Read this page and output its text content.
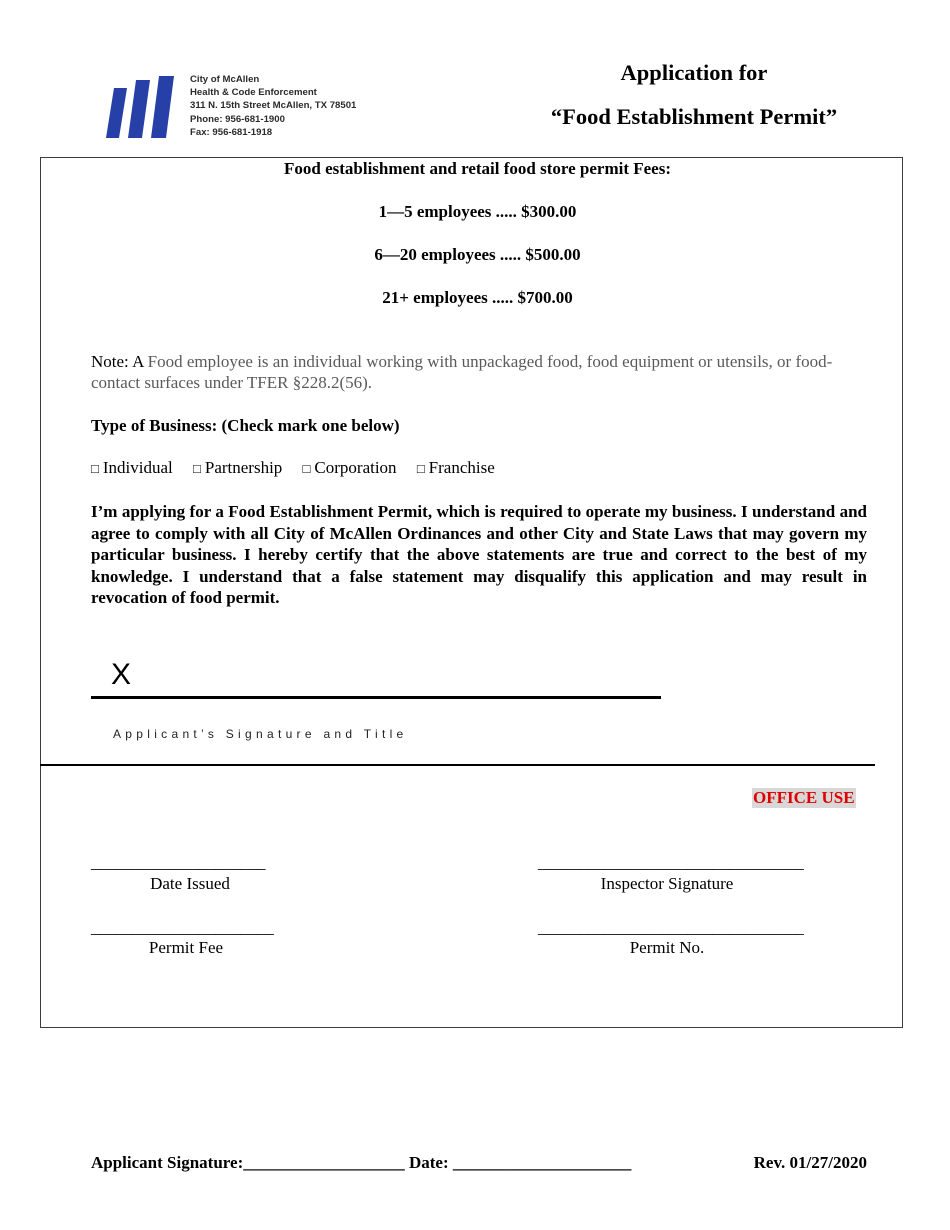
City of McAllen
Health & Code Enforcement
311 N. 15th Street McAllen, TX 78501
Phone: 956-681-1900
Fax: 956-681-1918
Application for
“Food Establishment Permit”
Food establishment and retail food store permit Fees:
1—5 employees ..... $300.00
6—20 employees ..... $500.00
21+ employees ..... $700.00
Note: A Food employee is an individual working with unpackaged food, food equipment or utensils, or food-contact surfaces under TFER §228.2(56).
Type of Business: (Check mark one below)
□ Individual □ Partnership □ Corporation □ Franchise
I’m applying for a Food Establishment Permit, which is required to operate my business. I understand and agree to comply with all City of McAllen Ordinances and other City and State Laws that may govern my particular business. I hereby certify that the above statements are true and correct to the best of my knowledge. I understand that a false statement may disqualify this application and may result in revocation of food permit.
X
Applicant’s Signature and Title
OFFICE USE
_____________________
Date Issued
________________________________
Inspector Signature
______________________
Permit Fee
________________________________
Permit No.
Applicant Signature:___________________ Date: _____________________	Rev. 01/27/2020
